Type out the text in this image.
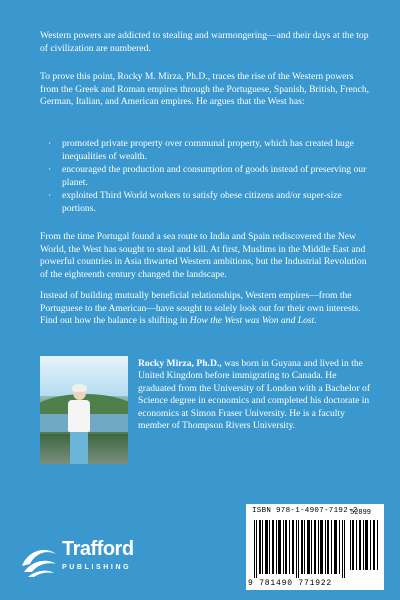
Western powers are addicted to stealing and warmongering—and their days at the top of civilization are numbered.

To prove this point, Rocky M. Mirza, Ph.D., traces the rise of the Western powers from the Greek and Roman empires through the Portuguese, Spanish, British, French, German, Italian, and American empires. He argues that the West has:

· promoted private property over communal property, which has created huge inequalities of wealth.
· encouraged the production and consumption of goods instead of preserving our planet.
· exploited Third World workers to satisfy obese citizens and/or super-size portions.

From the time Portugal found a sea route to India and Spain rediscovered the New World, the West has sought to steal and kill. At first, Muslims in the Middle East and powerful countries in Asia thwarted Western ambitions, but the Industrial Revolution of the eighteenth century changed the landscape.

Instead of building mutually beneficial relationships, Western empires—from the Portuguese to the American—have sought to solely look out for their own interests. Find out how the balance is shifting in How the West was Won and Lost.

Rocky Mirza, Ph.D., was born in Guyana and lived in the United Kingdom before immigrating to Canada. He graduated from the University of London with a Bachelor of Science degree in economics and completed his doctorate in economics at Simon Fraser University. He is a faculty member of Thompson Rivers University.

Trafford
PUBLISHING
ISBN 978-1-4907-7192-2
52899
9 781490 771922
